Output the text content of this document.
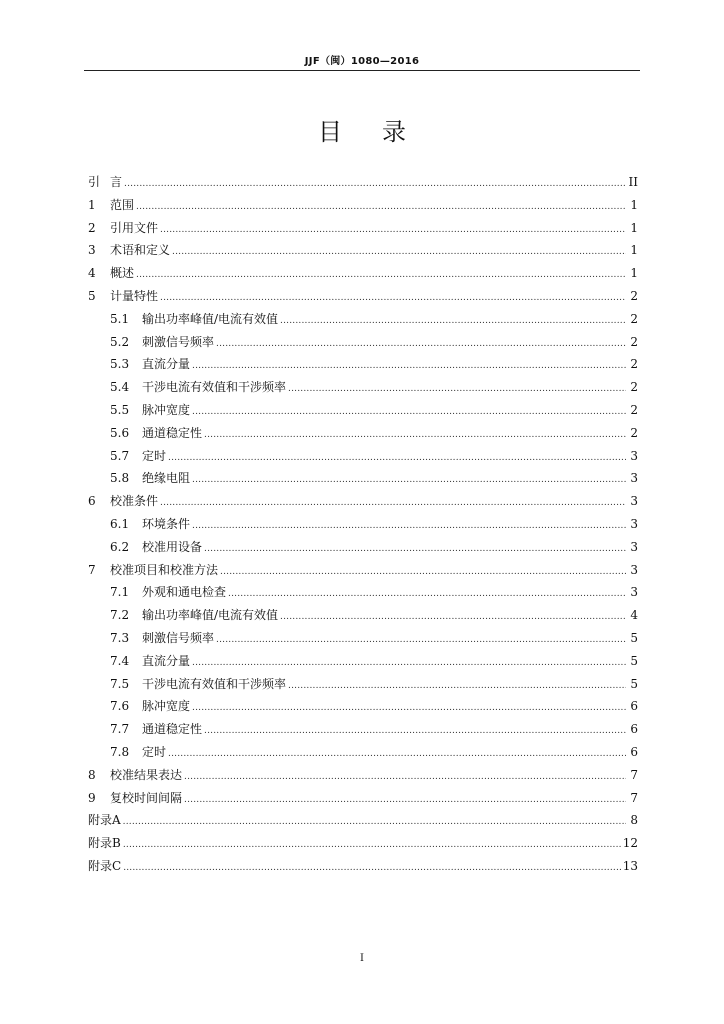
JJF（闽）1080—2016
目录
引 言 .....	II
1	范围 .....	1
2	引用文件 .....	1
3	术语和定义 .....	1
4	概述 .....	1
5	计量特性 .....	2
5.1	输出功率峰值/电流有效值 .....	2
5.2	刺激信号频率 .....	2
5.3	直流分量 .....	2
5.4	干涉电流有效值和干涉频率 .....	2
5.5	脉冲宽度 .....	2
5.6	通道稳定性 .....	2
5.7	定时 .....	3
5.8	绝缘电阻 .....	3
6	校准条件 .....	3
6.1	环境条件 .....	3
6.2	校准用设备 .....	3
7	校准项目和校准方法 .....	3
7.1	外观和通电检查 .....	3
7.2	输出功率峰值/电流有效值 .....	4
7.3	刺激信号频率 .....	5
7.4	直流分量 .....	5
7.5	干涉电流有效值和干涉频率 .....	5
7.6	脉冲宽度 .....	6
7.7	通道稳定性 .....	6
7.8	定时 .....	6
8	校准结果表达 .....	7
9	复校时间间隔 .....	7
附录A .....	8
附录B .....	12
附录C .....	13
I
